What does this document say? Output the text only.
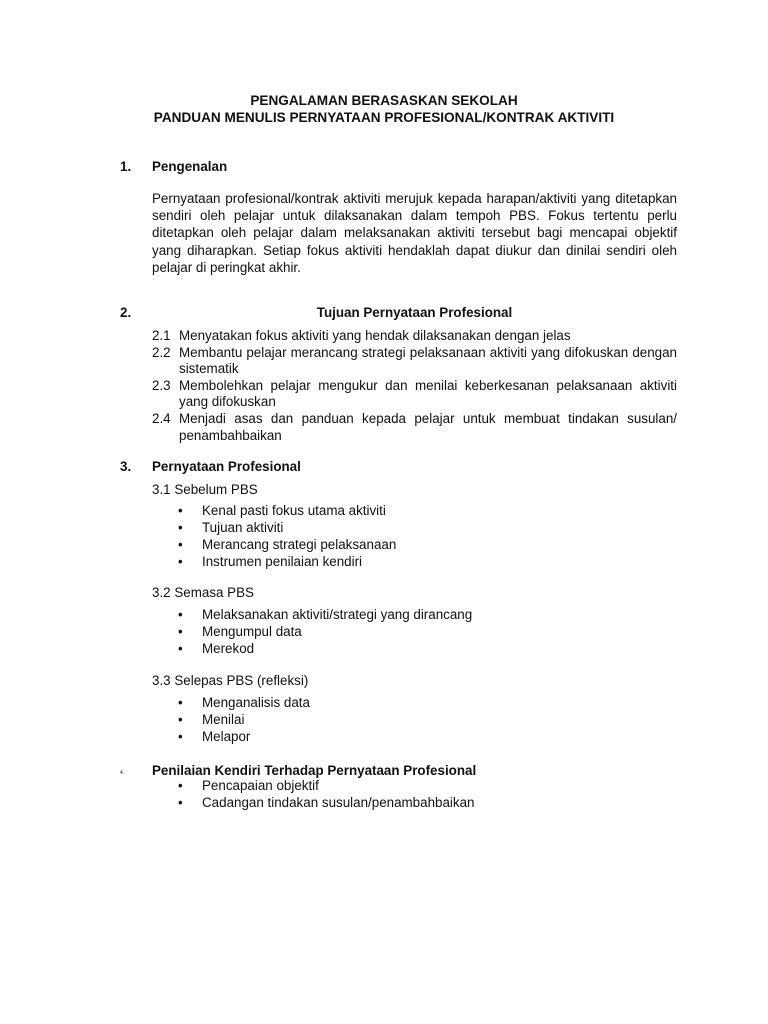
PENGALAMAN BERASASKAN SEKOLAH
PANDUAN MENULIS PERNYATAAN PROFESIONAL/KONTRAK AKTIVITI
1. Pengenalan

Pernyataan profesional/kontrak aktiviti merujuk kepada harapan/aktiviti yang ditetapkan sendiri oleh pelajar untuk dilaksanakan dalam tempoh PBS. Fokus tertentu perlu ditetapkan oleh pelajar dalam melaksanakan aktiviti tersebut bagi mencapai objektif yang diharapkan. Setiap fokus aktiviti hendaklah dapat diukur dan dinilai sendiri oleh pelajar di peringkat akhir.

2.	Tujuan Pernyataan Profesional
2.1 Menyatakan fokus aktiviti yang hendak dilaksanakan dengan jelas
2.2 Membantu pelajar merancang strategi pelaksanaan aktiviti yang difokuskan dengan sistematik
2.3 Membolehkan pelajar mengukur dan menilai keberkesanan pelaksanaan aktiviti yang difokuskan
2.4 Menjadi asas dan panduan kepada pelajar untuk membuat tindakan susulan/ penambahbaikan
3. Pernyataan Profesional
3.1 Sebelum PBS
• Kenal pasti fokus utama aktiviti
• Tujuan aktiviti
• Merancang strategi pelaksanaan
• Instrumen penilaian kendiri
3.2 Semasa PBS
• Melaksanakan aktiviti/strategi yang dirancang
• Mengumpul data
• Merekod
3.3 Selepas PBS (refleksi)
• Menganalisis data
• Menilai
• Melapor
4. Penilaian Kendiri Terhadap Pernyataan Profesional
• Pencapaian objektif
• Cadangan tindakan susulan/penambahbaikan
